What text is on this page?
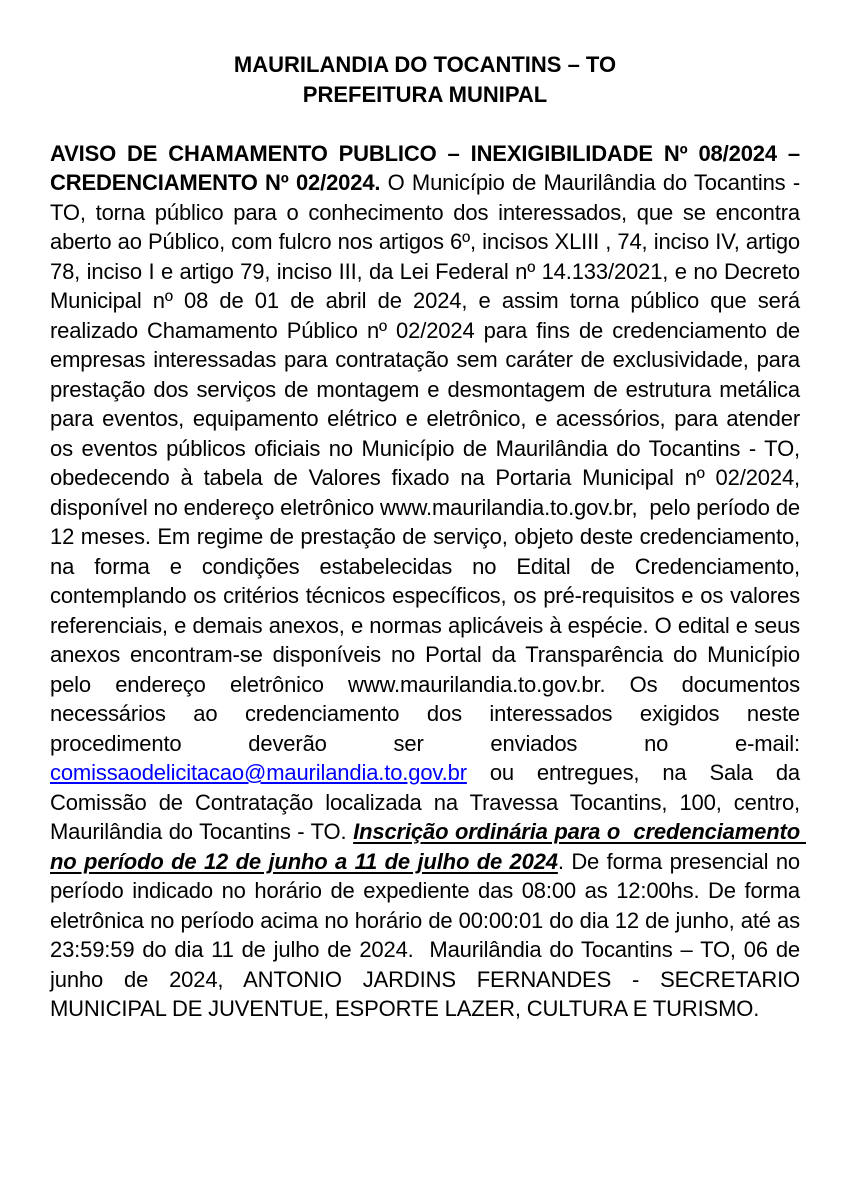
MAURILANDIA DO TOCANTINS – TO

PREFEITURA MUNIPAL

AVISO DE CHAMAMENTO PUBLICO – INEXIGIBILIDADE Nº 08/2024 – CREDENCIAMENTO Nº 02/2024. O Município de Maurilândia do Tocantins - TO, torna público para o conhecimento dos interessados, que se encontra aberto ao Público, com fulcro nos artigos 6º, incisos XLIII , 74, inciso IV, artigo 78, inciso I e artigo 79, inciso III, da Lei Federal nº 14.133/2021, e no Decreto Municipal nº 08 de 01 de abril de 2024, e assim torna público que será realizado Chamamento Público nº 02/2024 para fins de credenciamento de empresas interessadas para contratação sem caráter de exclusividade, para prestação dos serviços de montagem e desmontagem de estrutura metálica para eventos, equipamento elétrico e eletrônico, e acessórios, para atender os eventos públicos oficiais no Município de Maurilândia do Tocantins - TO, obedecendo à tabela de Valores fixado na Portaria Municipal nº 02/2024, disponível no endereço eletrônico www.maurilandia.to.gov.br,  pelo período de 12 meses. Em regime de prestação de serviço, objeto deste credenciamento, na forma e condições estabelecidas no Edital de Credenciamento, contemplando os critérios técnicos específicos, os pré-requisitos e os valores referenciais, e demais anexos, e normas aplicáveis à espécie. O edital e seus anexos encontram-se disponíveis no Portal da Transparência do Município pelo endereço eletrônico www.maurilandia.to.gov.br. Os documentos necessários ao credenciamento dos interessados exigidos neste procedimento deverão ser enviados no e-mail: comissaodelicitacao@maurilandia.to.gov.br ou entregues, na Sala da Comissão de Contratação localizada na Travessa Tocantins, 100, centro, Maurilândia do Tocantins - TO. Inscrição ordinária para o  credenciamento no período de 12 de junho a 11 de julho de 2024. De forma presencial no período indicado no horário de expediente das 08:00 as 12:00hs. De forma eletrônica no período acima no horário de 00:00:01 do dia 12 de junho, até as 23:59:59 do dia 11 de julho de 2024.  Maurilândia do Tocantins – TO, 06 de junho de 2024, ANTONIO JARDINS FERNANDES - SECRETARIO MUNICIPAL DE JUVENTUE, ESPORTE LAZER, CULTURA E TURISMO.
